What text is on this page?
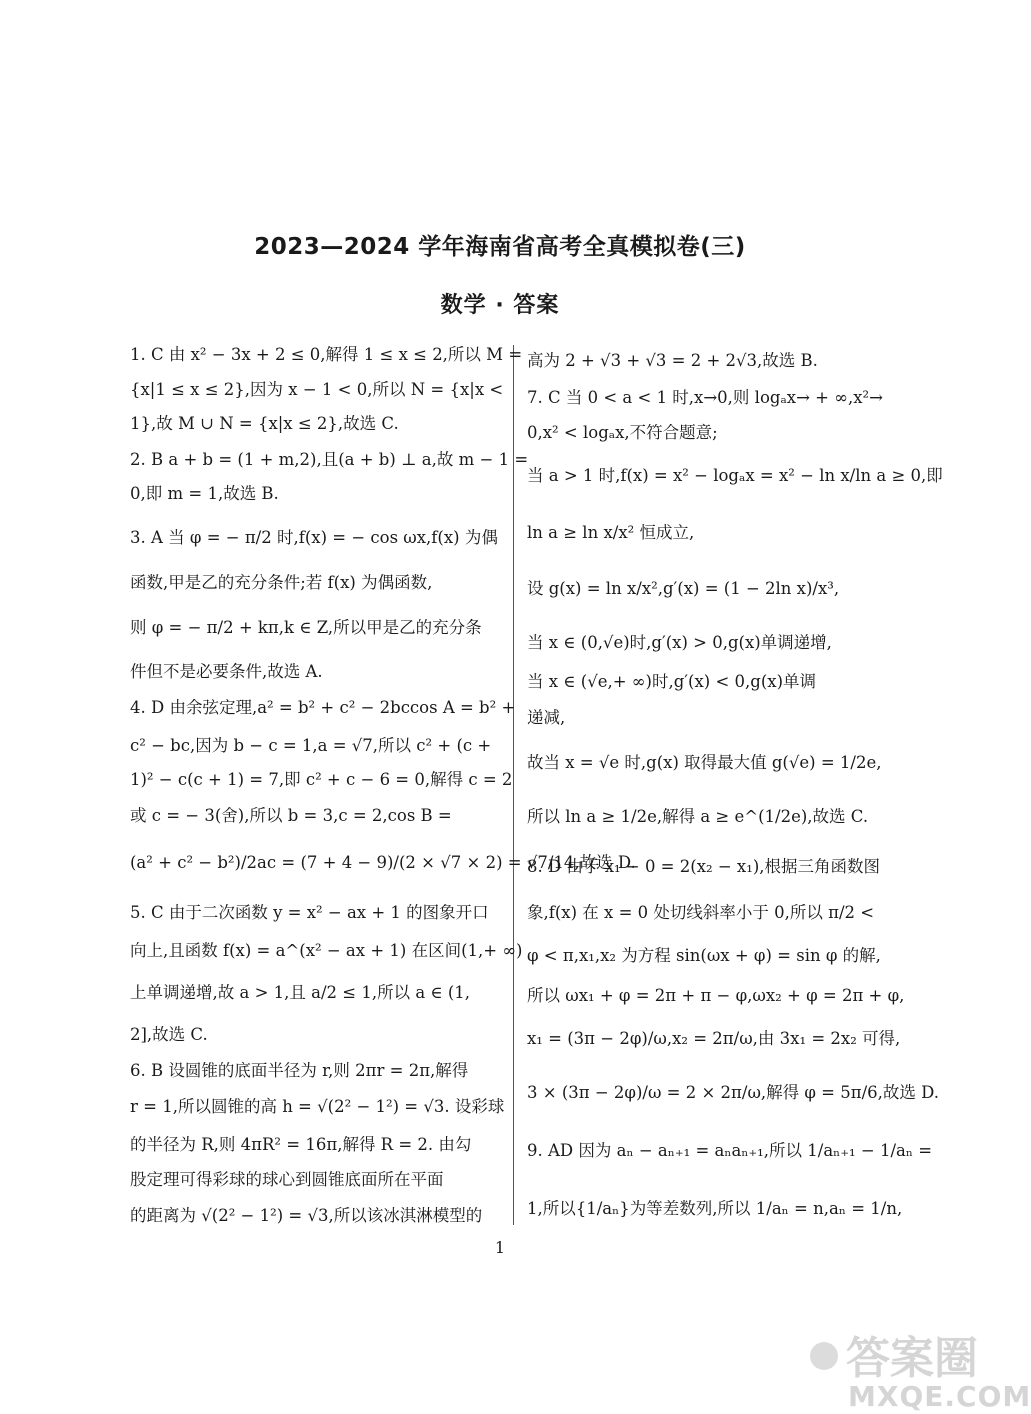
2023—2024 学年海南省高考全真模拟卷(三)
数学 · 答案
1. C 由 x² − 3x + 2 ≤ 0,解得 1 ≤ x ≤ 2,所以 M =
{x|1 ≤ x ≤ 2},因为 x − 1 < 0,所以 N = {x|x <
1},故 M ∪ N = {x|x ≤ 2},故选 C.
2. B a + b = (1 + m,2),且(a + b) ⊥ a,故 m − 1 =
0,即 m = 1,故选 B.
3. A 当 φ = − π/2 时,f(x) = − cos ωx,f(x) 为偶
函数,甲是乙的充分条件;若 f(x) 为偶函数,
则 φ = − π/2 + kπ,k ∈ Z,所以甲是乙的充分条
件但不是必要条件,故选 A.
4. D 由余弦定理,a² = b² + c² − 2bccos A = b² +
c² − bc,因为 b − c = 1,a = √7,所以 c² + (c +
1)² − c(c + 1) = 7,即 c² + c − 6 = 0,解得 c = 2
或 c = − 3(舍),所以 b = 3,c = 2,cos B =
(a² + c² − b²)/2ac = (7 + 4 − 9)/(2 × √7 × 2) = √7/14,故选 D.
5. C 由于二次函数 y = x² − ax + 1 的图象开口
向上,且函数 f(x) = a^(x² − ax + 1) 在区间(1,+ ∞)
上单调递增,故 a > 1,且 a/2 ≤ 1,所以 a ∈ (1,
2],故选 C.
6. B 设圆锥的底面半径为 r,则 2πr = 2π,解得
r = 1,所以圆锥的高 h = √(2² − 1²) = √3. 设彩球
的半径为 R,则 4πR² = 16π,解得 R = 2. 由勾
股定理可得彩球的球心到圆锥底面所在平面
的距离为 √(2² − 1²) = √3,所以该冰淇淋模型的
高为 2 + √3 + √3 = 2 + 2√3,故选 B.
7. C 当 0 < a < 1 时,x→0,则 logₐx→ + ∞,x²→
0,x² < logₐx,不符合题意;
当 a > 1 时,f(x) = x² − logₐx = x² − ln x/ln a ≥ 0,即
ln a ≥ ln x/x² 恒成立,
设 g(x) = ln x/x²,g′(x) = (1 − 2ln x)/x³,
当 x ∈ (0,√e)时,g′(x) > 0,g(x)单调递增,
当 x ∈ (√e,+ ∞)时,g′(x) < 0,g(x)单调
递减,
故当 x = √e 时,g(x) 取得最大值 g(√e) = 1/2e,
所以 ln a ≥ 1/2e,解得 a ≥ e^(1/2e),故选 C.
8. D 由于 x₁ − 0 = 2(x₂ − x₁),根据三角函数图
象,f(x) 在 x = 0 处切线斜率小于 0,所以 π/2 <
φ < π,x₁,x₂ 为方程 sin(ωx + φ) = sin φ 的解,
所以 ωx₁ + φ = 2π + π − φ,ωx₂ + φ = 2π + φ,
x₁ = (3π − 2φ)/ω,x₂ = 2π/ω,由 3x₁ = 2x₂ 可得,
3 × (3π − 2φ)/ω = 2 × 2π/ω,解得 φ = 5π/6,故选 D.
9. AD 因为 aₙ − aₙ₊₁ = aₙaₙ₊₁,所以 1/aₙ₊₁ − 1/aₙ =
1,所以{1/aₙ}为等差数列,所以 1/aₙ = n,aₙ = 1/n,
1
答案圈
MXQE.COM
